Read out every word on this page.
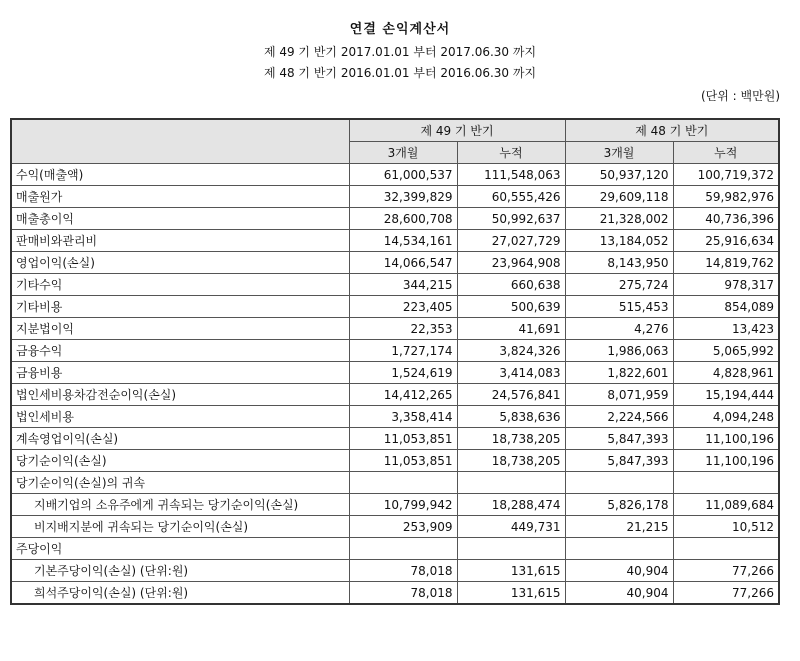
연결 손익계산서
제 49 기 반기 2017.01.01 부터 2017.06.30 까지
제 48 기 반기 2016.01.01 부터 2016.06.30 까지
(단위 : 백만원)
	제 49 기 반기		제 48 기 반기	
	3개월	누적	3개월	누적
수익(매출액)	61,000,537	111,548,063	50,937,120	100,719,372
매출원가	32,399,829	60,555,426	29,609,118	59,982,976
매출총이익	28,600,708	50,992,637	21,328,002	40,736,396
판매비와관리비	14,534,161	27,027,729	13,184,052	25,916,634
영업이익(손실)	14,066,547	23,964,908	8,143,950	14,819,762
기타수익	344,215	660,638	275,724	978,317
기타비용	223,405	500,639	515,453	854,089
지분법이익	22,353	41,691	4,276	13,423
금융수익	1,727,174	3,824,326	1,986,063	5,065,992
금융비용	1,524,619	3,414,083	1,822,601	4,828,961
법인세비용차감전순이익(손실)	14,412,265	24,576,841	8,071,959	15,194,444
법인세비용	3,358,414	5,838,636	2,224,566	4,094,248
계속영업이익(손실)	11,053,851	18,738,205	5,847,393	11,100,196
당기순이익(손실)	11,053,851	18,738,205	5,847,393	11,100,196
당기순이익(손실)의 귀속				
지배기업의 소유주에게 귀속되는 당기순이익(손실)	10,799,942	18,288,474	5,826,178	11,089,684
비지배지분에 귀속되는 당기순이익(손실)	253,909	449,731	21,215	10,512
주당이익				
기본주당이익(손실) (단위:원)	78,018	131,615	40,904	77,266
희석주당이익(손실) (단위:원)	78,018	131,615	40,904	77,266
